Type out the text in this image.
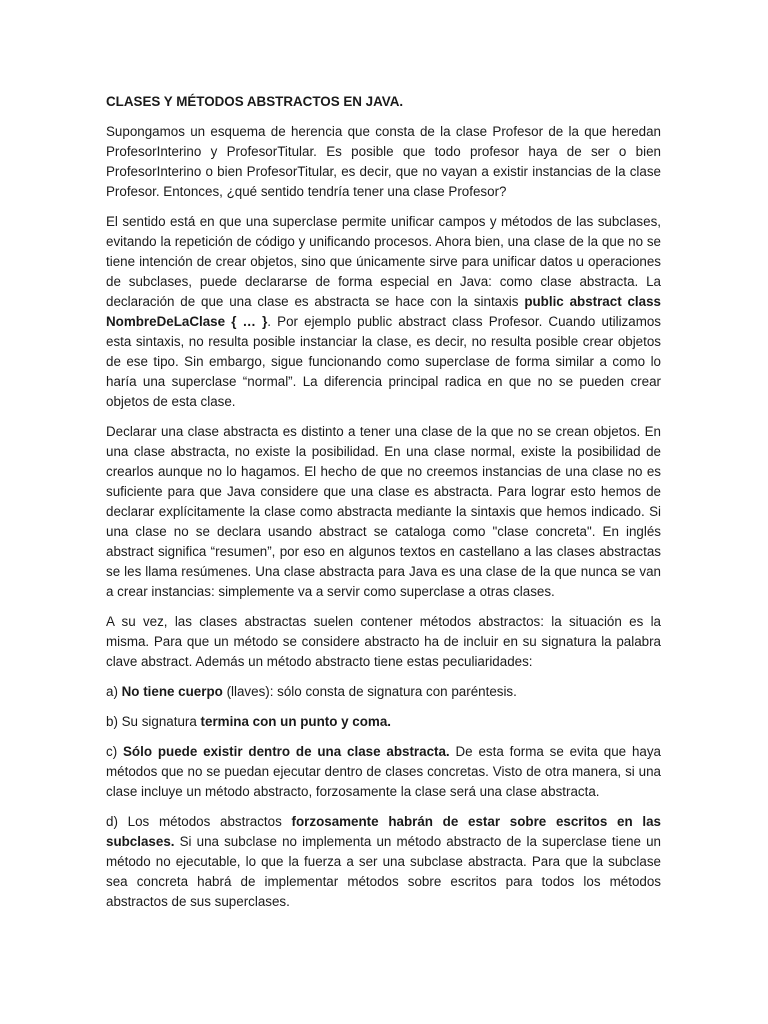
CLASES Y MÉTODOS ABSTRACTOS EN JAVA.

Supongamos un esquema de herencia que consta de la clase Profesor de la que heredan ProfesorInterino y ProfesorTitular. Es posible que todo profesor haya de ser o bien ProfesorInterino o bien ProfesorTitular, es decir, que no vayan a existir instancias de la clase Profesor. Entonces, ¿qué sentido tendría tener una clase Profesor?

El sentido está en que una superclase permite unificar campos y métodos de las subclases, evitando la repetición de código y unificando procesos. Ahora bien, una clase de la que no se tiene intención de crear objetos, sino que únicamente sirve para unificar datos u operaciones de subclases, puede declararse de forma especial en Java: como clase abstracta. La declaración de que una clase es abstracta se hace con la sintaxis public abstract class NombreDeLaClase { … }. Por ejemplo public abstract class Profesor. Cuando utilizamos esta sintaxis, no resulta posible instanciar la clase, es decir, no resulta posible crear objetos de ese tipo. Sin embargo, sigue funcionando como superclase de forma similar a como lo haría una superclase “normal”. La diferencia principal radica en que no se pueden crear objetos de esta clase.

Declarar una clase abstracta es distinto a tener una clase de la que no se crean objetos. En una clase abstracta, no existe la posibilidad. En una clase normal, existe la posibilidad de crearlos aunque no lo hagamos. El hecho de que no creemos instancias de una clase no es suficiente para que Java considere que una clase es abstracta. Para lograr esto hemos de declarar explícitamente la clase como abstracta mediante la sintaxis que hemos indicado. Si una clase no se declara usando abstract se cataloga como "clase concreta". En inglés abstract significa “resumen”, por eso en algunos textos en castellano a las clases abstractas se les llama resúmenes. Una clase abstracta para Java es una clase de la que nunca se van a crear instancias: simplemente va a servir como superclase a otras clases.

A su vez, las clases abstractas suelen contener métodos abstractos: la situación es la misma. Para que un método se considere abstracto ha de incluir en su signatura la palabra clave abstract. Además un método abstracto tiene estas peculiaridades:

a) No tiene cuerpo (llaves): sólo consta de signatura con paréntesis.

b) Su signatura termina con un punto y coma.

c) Sólo puede existir dentro de una clase abstracta. De esta forma se evita que haya métodos que no se puedan ejecutar dentro de clases concretas. Visto de otra manera, si una clase incluye un método abstracto, forzosamente la clase será una clase abstracta.

d) Los métodos abstractos forzosamente habrán de estar sobre escritos en las subclases. Si una subclase no implementa un método abstracto de la superclase tiene un método no ejecutable, lo que la fuerza a ser una subclase abstracta. Para que la subclase sea concreta habrá de implementar métodos sobre escritos para todos los métodos abstractos de sus superclases.
